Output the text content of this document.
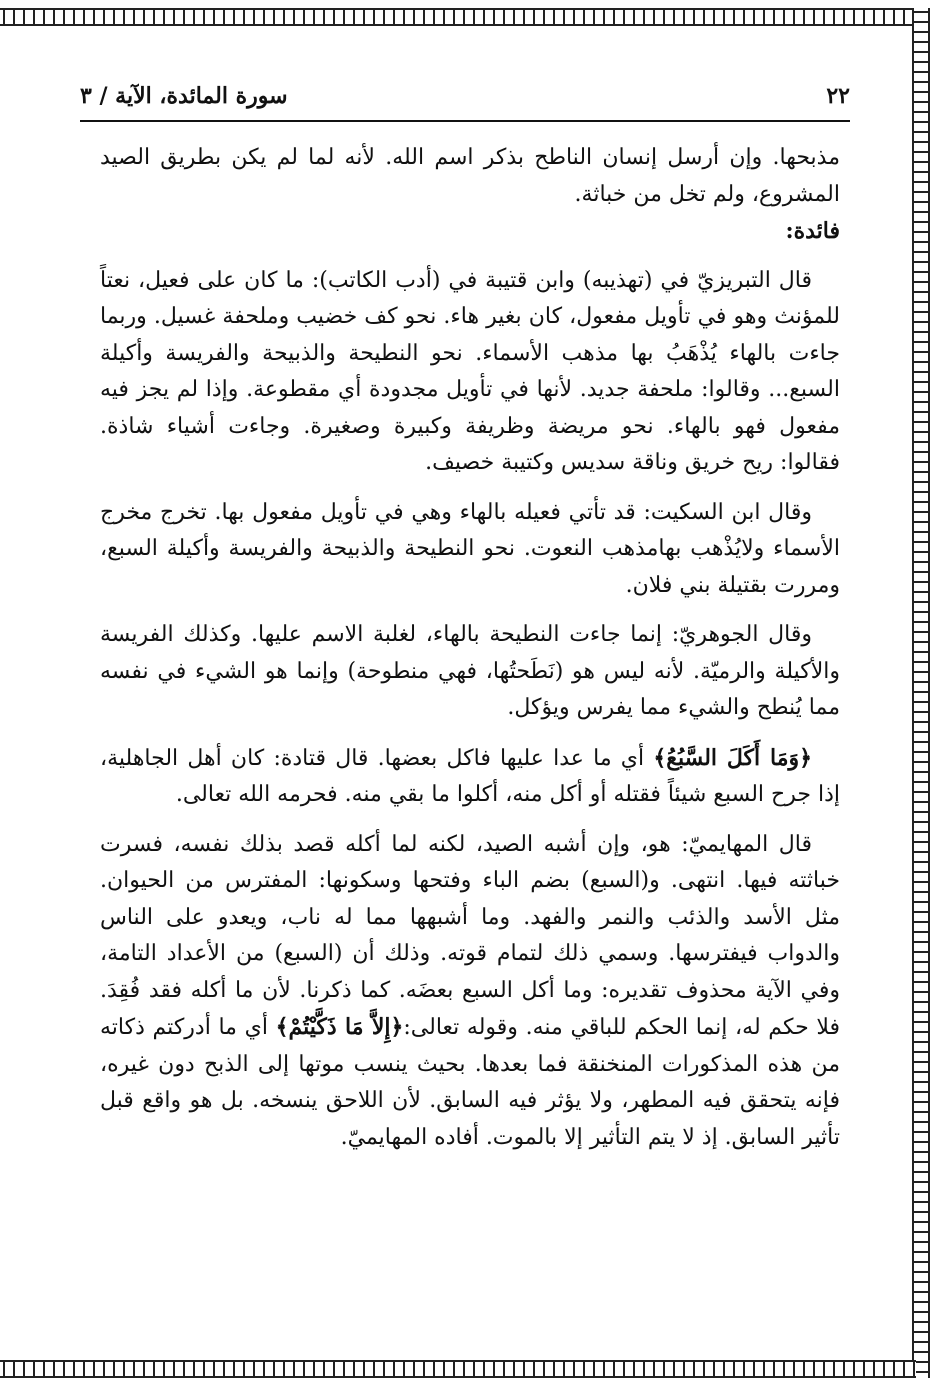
٢٢
سورة المائدة، الآية / ٣

مذبحها. وإن أرسل إنسان الناطح بذكر اسم الله. لأنه لما لم يكن بطريق الصيد المشروع، ولم تخل من خباثة.

فائدة:

قال التبريزيّ في (تهذيبه) وابن قتيبة في (أدب الكاتب): ما كان على فعيل، نعتاً للمؤنث وهو في تأويل مفعول، كان بغير هاء. نحو كف خضيب وملحفة غسيل. وربما جاءت بالهاء يُذْهَبُ بها مذهب الأسماء. نحو النطيحة والذبيحة والفريسة وأكيلة السبع... وقالوا: ملحفة جديد. لأنها في تأويل مجدودة أي مقطوعة. وإذا لم يجز فيه مفعول فهو بالهاء. نحو مريضة وظريفة وكبيرة وصغيرة. وجاءت أشياء شاذة. فقالوا: ريح خريق وناقة سديس وكتيبة خصيف.

وقال ابن السكيت: قد تأتي فعيله بالهاء وهي في تأويل مفعول بها. تخرج مخرج الأسماء ولايُذْهب بهامذهب النعوت. نحو النطيحة والذبيحة والفريسة وأكيلة السبع، ومررت بقتيلة بني فلان.

وقال الجوهريّ: إنما جاءت النطيحة بالهاء، لغلبة الاسم عليها. وكذلك الفريسة والأكيلة والرميّة. لأنه ليس هو (نَطَحتُها، فهي منطوحة) وإنما هو الشيء في نفسه مما يُنطح والشيء مما يفرس ويؤكل.

﴿وَمَا أَكَلَ السَّبُعُ﴾ أي ما عدا عليها فاكل بعضها. قال قتادة: كان أهل الجاهلية، إذا جرح السبع شيئاً فقتله أو أكل منه، أكلوا ما بقي منه. فحرمه الله تعالى.

قال المهايميّ: هو، وإن أشبه الصيد، لكنه لما أكله قصد بذلك نفسه، فسرت خباثته فيها. انتهى. و(السبع) بضم الباء وفتحها وسكونها: المفترس من الحيوان. مثل الأسد والذئب والنمر والفهد. وما أشبهها مما له ناب، ويعدو على الناس والدواب فيفترسها. وسمي ذلك لتمام قوته. وذلك أن (السبع) من الأعداد التامة، وفي الآية محذوف تقديره: وما أكل السبع بعضَه. كما ذكرنا. لأن ما أكله فقد فُقِدَ. فلا حكم له، إنما الحكم للباقي منه. وقوله تعالى:﴿إِلاَّ مَا ذَكَّيْتُمْ﴾ أي ما أدركتم ذكاته من هذه المذكورات المنخنقة فما بعدها. بحيث ينسب موتها إلى الذبح دون غيره، فإنه يتحقق فيه المطهر، ولا يؤثر فيه السابق. لأن اللاحق ينسخه. بل هو واقع قبل تأثير السابق. إذ لا يتم التأثير إلا بالموت. أفاده المهايميّ.
